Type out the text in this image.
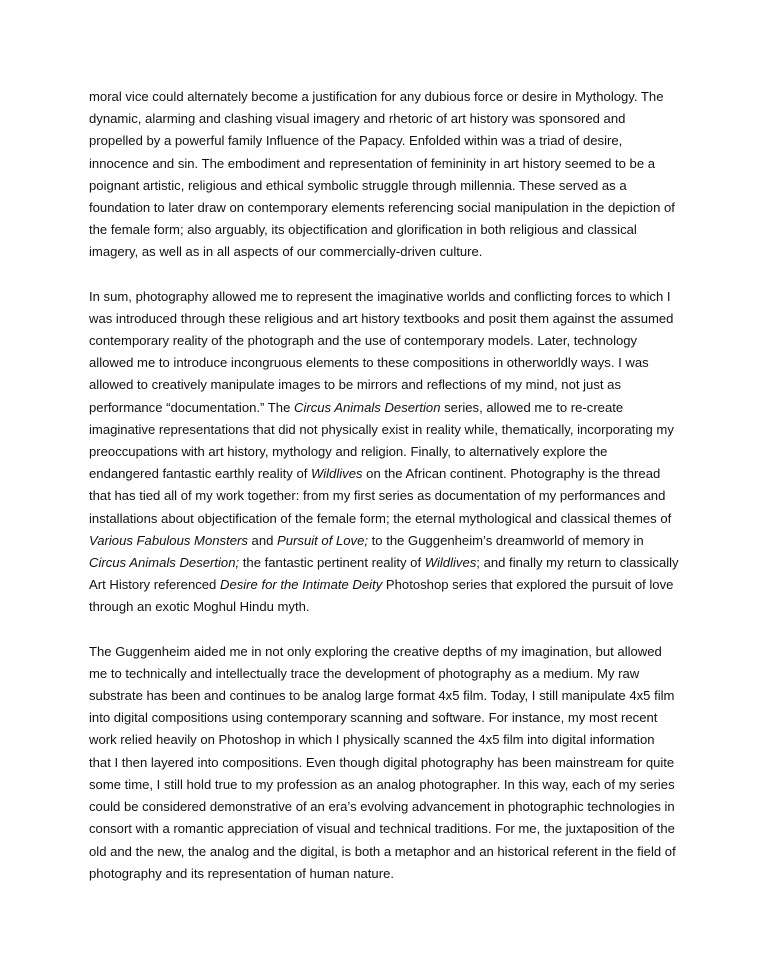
moral vice could alternately become a justification for any dubious force or desire in Mythology. The dynamic, alarming and clashing visual imagery and rhetoric of art history was sponsored and propelled by a powerful family Influence of the Papacy. Enfolded within was a triad of desire, innocence and sin. The embodiment and representation of femininity in art history seemed to be a poignant artistic, religious and ethical symbolic struggle through millennia. These served as a foundation to later draw on contemporary elements referencing social manipulation in the depiction of the female form; also arguably, its objectification and glorification in both religious and classical imagery, as well as in all aspects of our commercially-driven culture.

In sum, photography allowed me to represent the imaginative worlds and conflicting forces to which I was introduced through these religious and art history textbooks and posit them against the assumed contemporary reality of the photograph and the use of contemporary models. Later, technology allowed me to introduce incongruous elements to these compositions in otherworldly ways. I was allowed to creatively manipulate images to be mirrors and reflections of my mind, not just as performance “documentation.” The Circus Animals Desertion series, allowed me to re-create imaginative representations that did not physically exist in reality while, thematically, incorporating my preoccupations with art history, mythology and religion. Finally, to alternatively explore the endangered fantastic earthly reality of Wildlives on the African continent. Photography is the thread that has tied all of my work together: from my first series as documentation of my performances and installations about objectification of the female form; the eternal mythological and classical themes of Various Fabulous Monsters and Pursuit of Love; to the Guggenheim’s dreamworld of memory in Circus Animals Desertion; the fantastic pertinent reality of Wildlives; and finally my return to classically Art History referenced Desire for the Intimate Deity Photoshop series that explored the pursuit of love through an exotic Moghul Hindu myth.

The Guggenheim aided me in not only exploring the creative depths of my imagination, but allowed me to technically and intellectually trace the development of photography as a medium. My raw substrate has been and continues to be analog large format 4x5 film. Today, I still manipulate 4x5 film into digital compositions using contemporary scanning and software. For instance, my most recent work relied heavily on Photoshop in which I physically scanned the 4x5 film into digital information that I then layered into compositions. Even though digital photography has been mainstream for quite some time, I still hold true to my profession as an analog photographer. In this way, each of my series could be considered demonstrative of an era’s evolving advancement in photographic technologies in consort with a romantic appreciation of visual and technical traditions. For me, the juxtaposition of the old and the new, the analog and the digital, is both a metaphor and an historical referent in the field of photography and its representation of human nature.
